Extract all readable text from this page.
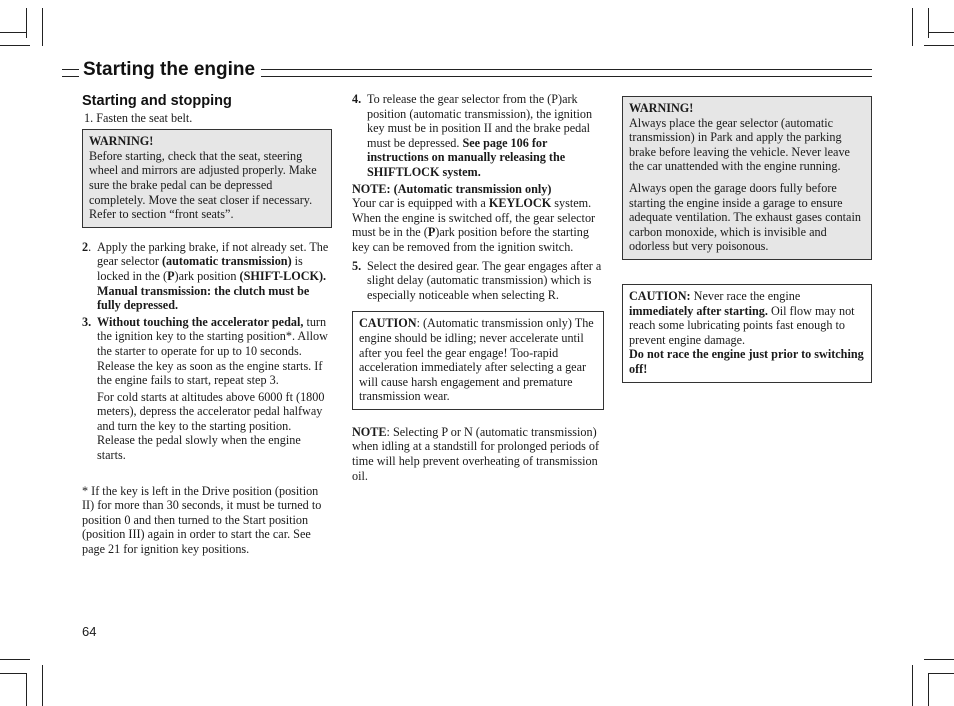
Starting the engine
Starting and stopping

1. Fasten the seat belt.

WARNING!

Before starting, check that the seat, steering wheel and mirrors are adjusted properly. Make sure the brake pedal can be depressed completely. Move the seat closer if necessary. Refer to section “front seats”.

2. Apply the parking brake, if not already set. The gear selector (automatic transmission) is locked in the (P)ark position (SHIFT-LOCK).

Manual transmission: the clutch must be fully depressed.

3. Without touching the accelerator pedal, turn the ignition key to the starting position*. Allow the starter to operate for up to 10 seconds. Release the key as soon as the engine starts. If the engine fails to start, repeat step 3.

For cold starts at altitudes above 6000 ft (1800 meters), depress the accelerator pedal halfway and turn the key to the starting position. Release the pedal slowly when the engine starts.

* If the key is left in the Drive position (position II) for more than 30 seconds, it must be turned to position 0 and then turned to the Start position (position III) again in order to start the car. See page 21 for ignition key positions.

4. To release the gear selector from the (P)ark position (automatic transmission), the ignition key must be in position II and the brake pedal must be depressed. See page 106 for instructions on manually releasing the SHIFTLOCK system.

NOTE: (Automatic transmission only)

Your car is equipped with a KEYLOCK system. When the engine is switched off, the gear selector must be in the (P)ark position before the starting key can be removed from the ignition switch.

5. Select the desired gear. The gear engages after a slight delay (automatic transmission) which is especially noticeable when selecting R.

CAUTION: (Automatic transmission only) The engine should be idling; never accelerate until after you feel the gear engage! Too-rapid acceleration immediately after selecting a gear will cause harsh engagement and premature transmission wear.

NOTE: Selecting P or N (automatic transmission) when idling at a standstill for prolonged periods of time will help prevent overheating of transmission oil.

WARNING!

Always place the gear selector (automatic transmission) in Park and apply the parking brake before leaving the vehicle. Never leave the car unattended with the engine running.

Always open the garage doors fully before starting the engine inside a garage to ensure adequate ventilation. The exhaust gases contain carbon monoxide, which is invisible and odorless but very poisonous.

CAUTION: Never race the engine immediately after starting. Oil flow may not reach some lubricating points fast enough to prevent engine damage.

Do not race the engine just prior to switching off!

64
